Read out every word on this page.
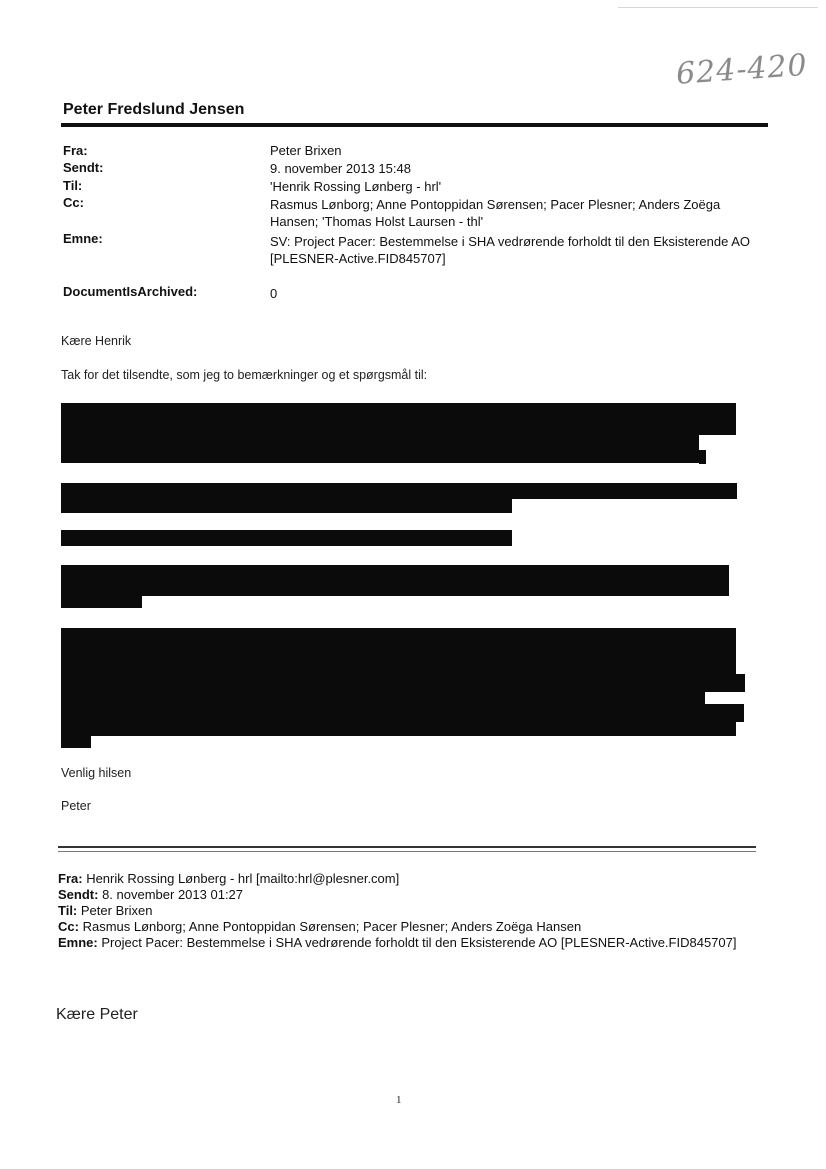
624-420
Peter Fredslund Jensen
Fra:	Peter Brixen
Sendt:	9. november 2013 15:48
Til:	'Henrik Rossing Lønberg - hrl'
Cc:	Rasmus Lønborg; Anne Pontoppidan Sørensen; Pacer Plesner; Anders Zoëga
Hansen; 'Thomas Holst Laursen - thl'
Emne:	SV: Project Pacer: Bestemmelse i SHA vedrørende forholdt til den Eksisterende AO
[PLESNER-Active.FID845707]
DocumentIsArchived:	0
Kære Henrik
Tak for det tilsendte, som jeg to bemærkninger og et spørgsmål til:
Venlig hilsen
Peter
Fra: Henrik Rossing Lønberg - hrl [mailto:hrl@plesner.com]
Sendt: 8. november 2013 01:27
Til: Peter Brixen
Cc: Rasmus Lønborg; Anne Pontoppidan Sørensen; Pacer Plesner; Anders Zoëga Hansen
Emne: Project Pacer: Bestemmelse i SHA vedrørende forholdt til den Eksisterende AO [PLESNER-Active.FID845707]
Kære Peter
1
